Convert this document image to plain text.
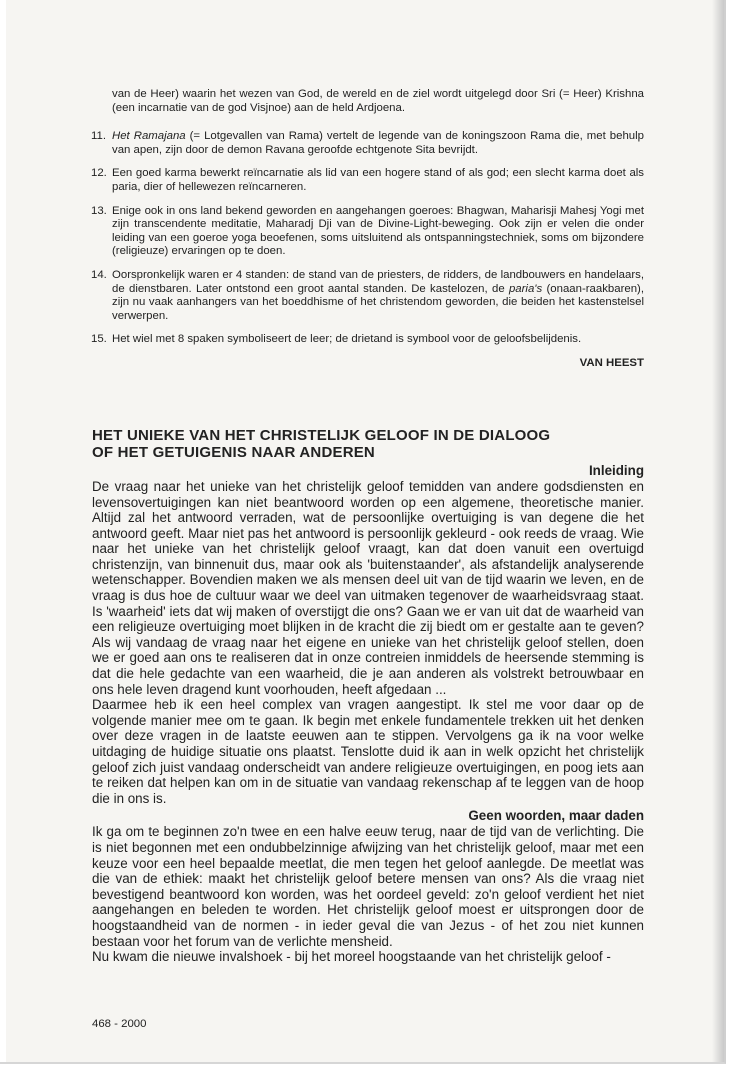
van de Heer) waarin het wezen van God, de wereld en de ziel wordt uitgelegd door Sri (= Heer) Krishna (een incarnatie van de god Visjnoe) aan de held Ardjoena.
11. Het Ramajana (= Lotgevallen van Rama) vertelt de legende van de koningszoon Rama die, met behulp van apen, zijn door de demon Ravana geroofde echtgenote Sita bevrijdt.
12. Een goed karma bewerkt reïncarnatie als lid van een hogere stand of als god; een slecht karma doet als paria, dier of hellewezen reïncarneren.
13. Enige ook in ons land bekend geworden en aangehangen goeroes: Bhagwan, Maharisji Mahesj Yogi met zijn transcendente meditatie, Maharadj Dji van de Divine-Light-beweging. Ook zijn er velen die onder leiding van een goeroe yoga beoefenen, soms uitsluitend als ontspanningstechniek, soms om bijzondere (religieuze) ervaringen op te doen.
14. Oorspronkelijk waren er 4 standen: de stand van de priesters, de ridders, de landbouwers en handelaars, de dienstbaren. Later ontstond een groot aantal standen. De kastelozen, de paria's (onaan-raakbaren), zijn nu vaak aanhangers van het boeddhisme of het christendom geworden, die beiden het kastenstelsel verwerpen.
15. Het wiel met 8 spaken symboliseert de leer; de drietand is symbool voor de geloofsbelijdenis.
VAN HEEST
HET UNIEKE VAN HET CHRISTELIJK GELOOF IN DE DIALOOG
OF HET GETUIGENIS NAAR ANDEREN
Inleiding

De vraag naar het unieke van het christelijk geloof temidden van andere godsdiensten en levensovertuigingen kan niet beantwoord worden op een algemene, theoretische manier. Altijd zal het antwoord verraden, wat de persoonlijke overtuiging is van degene die het antwoord geeft. Maar niet pas het antwoord is persoonlijk gekleurd - ook reeds de vraag. Wie naar het unieke van het christelijk geloof vraagt, kan dat doen vanuit een overtuigd christenzijn, van binnenuit dus, maar ook als 'buitenstaander', als afstandelijk analyserende wetenschapper. Bovendien maken we als mensen deel uit van de tijd waarin we leven, en de vraag is dus hoe de cultuur waar we deel van uitmaken tegenover de waarheidsvraag staat. Is 'waarheid' iets dat wij maken of overstijgt die ons? Gaan we er van uit dat de waarheid van een religieuze overtuiging moet blijken in de kracht die zij biedt om er gestalte aan te geven? Als wij vandaag de vraag naar het eigene en unieke van het christelijk geloof stellen, doen we er goed aan ons te realiseren dat in onze contreien inmiddels de heersende stemming is dat die hele gedachte van een waarheid, die je aan anderen als volstrekt betrouwbaar en ons hele leven dragend kunt voorhouden, heeft afgedaan ...

Daarmee heb ik een heel complex van vragen aangestipt. Ik stel me voor daar op de volgende manier mee om te gaan. Ik begin met enkele fundamentele trekken uit het denken over deze vragen in de laatste eeuwen aan te stippen. Vervolgens ga ik na voor welke uitdaging de huidige situatie ons plaatst. Tenslotte duid ik aan in welk opzicht het christelijk geloof zich juist vandaag onderscheidt van andere religieuze overtuigingen, en poog iets aan te reiken dat helpen kan om in de situatie van vandaag rekenschap af te leggen van de hoop die in ons is.

Geen woorden, maar daden

Ik ga om te beginnen zo'n twee en een halve eeuw terug, naar de tijd van de verlichting. Die is niet begonnen met een ondubbelzinnige afwijzing van het christelijk geloof, maar met een keuze voor een heel bepaalde meetlat, die men tegen het geloof aanlegde. De meetlat was die van de ethiek: maakt het christelijk geloof betere mensen van ons? Als die vraag niet bevestigend beantwoord kon worden, was het oordeel geveld: zo'n geloof verdient het niet aangehangen en beleden te worden. Het christelijk geloof moest er uitsprongen door de hoogstaandheid van de normen - in ieder geval die van Jezus - of het zou niet kunnen bestaan voor het forum van de verlichte mensheid.

Nu kwam die nieuwe invalshoek - bij het moreel hoogstaande van het christelijk geloof -

468 - 2000
